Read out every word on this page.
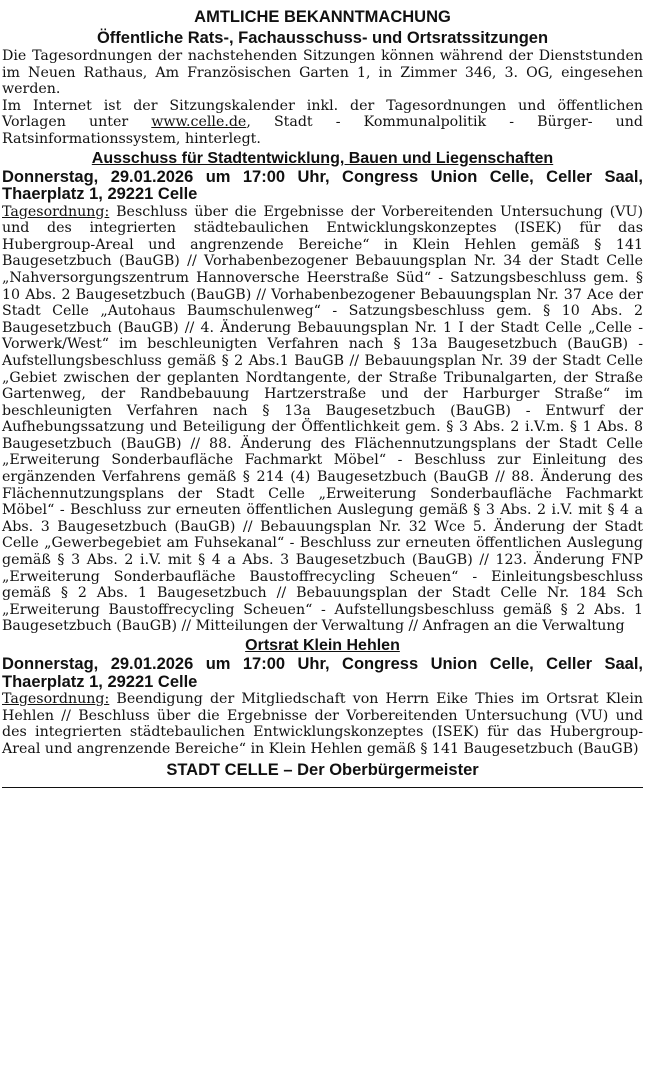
AMTLICHE BEKANNTMACHUNG
Öffentliche Rats-, Fachausschuss- und Ortsratssitzungen
Die Tagesordnungen der nachstehenden Sitzungen können während der Dienststunden im Neuen Rathaus, Am Französischen Garten 1, in Zimmer 346, 3. OG, eingesehen werden.
Im Internet ist der Sitzungskalender inkl. der Tagesordnungen und öffentlichen Vorlagen unter www.celle.de, Stadt - Kommunalpolitik - Bürger- und Ratsinformationssystem, hinterlegt.
Ausschuss für Stadtentwicklung, Bauen und Liegenschaften
Donnerstag, 29.01.2026 um 17:00 Uhr, Congress Union Celle, Celler Saal, Thaerplatz 1, 29221 Celle
Tagesordnung: Beschluss über die Ergebnisse der Vorbereitenden Untersuchung (VU) und des integrierten städtebaulichen Entwicklungskonzeptes (ISEK) für das Hubergroup-Areal und angrenzende Bereiche“ in Klein Hehlen gemäß § 141 Baugesetzbuch (BauGB) // Vorhabenbezogener Bebauungsplan Nr. 34 der Stadt Celle „Nahversorgungszentrum Hannoversche Heerstraße Süd“ - Satzungsbeschluss gem. § 10 Abs. 2 Baugesetzbuch (BauGB) // Vorhabenbezogener Bebauungsplan Nr. 37 Ace der Stadt Celle „Autohaus Baumschulenweg“ - Satzungsbeschluss gem. § 10 Abs. 2 Baugesetzbuch (BauGB) // 4. Änderung Bebauungsplan Nr. 1 I der Stadt Celle „Celle - Vorwerk/West“ im beschleunigten Verfahren nach § 13a Baugesetzbuch (BauGB) - Aufstellungsbeschluss gemäß § 2 Abs.1 BauGB // Bebauungsplan Nr. 39 der Stadt Celle „Gebiet zwischen der geplanten Nordtangente, der Straße Tribunalgarten, der Straße Gartenweg, der Randbebauung Hartzerstraße und der Harburger Straße“ im beschleunigten Verfahren nach § 13a Baugesetzbuch (BauGB) - Entwurf der Aufhebungssatzung und Beteiligung der Öffentlichkeit gem. § 3 Abs. 2 i.V.m. § 1 Abs. 8 Baugesetzbuch (BauGB) // 88. Änderung des Flächennutzungsplans der Stadt Celle „Erweiterung Sonderbaufläche Fachmarkt Möbel“ - Beschluss zur Einleitung des ergänzenden Verfahrens gemäß § 214 (4) Baugesetzbuch (BauGB // 88. Änderung des Flächennutzungsplans der Stadt Celle „Erweiterung Sonderbaufläche Fachmarkt Möbel“ - Beschluss zur erneuten öffentlichen Auslegung gemäß § 3 Abs. 2 i.V. mit § 4 a Abs. 3 Baugesetzbuch (BauGB) // Bebauungsplan Nr. 32 Wce 5. Änderung der Stadt Celle „Gewerbegebiet am Fuhsekanal“ - Beschluss zur erneuten öffentlichen Auslegung gemäß § 3 Abs. 2 i.V. mit § 4 a Abs. 3 Baugesetzbuch (BauGB) // 123. Änderung FNP „Erweiterung Sonderbaufläche Baustoffrecycling Scheuen“ - Einleitungsbeschluss gemäß § 2 Abs. 1 Baugesetzbuch // Bebauungsplan der Stadt Celle Nr. 184 Sch „Erweiterung Baustoffrecycling Scheuen“ - Aufstellungsbeschluss gemäß § 2 Abs. 1 Baugesetzbuch (BauGB) // Mitteilungen der Verwaltung // Anfragen an die Verwaltung
Ortsrat Klein Hehlen
Donnerstag, 29.01.2026 um 17:00 Uhr, Congress Union Celle, Celler Saal, Thaerplatz 1, 29221 Celle
Tagesordnung: Beendigung der Mitgliedschaft von Herrn Eike Thies im Ortsrat Klein Hehlen // Beschluss über die Ergebnisse der Vorbereitenden Untersuchung (VU) und des integrierten städtebaulichen Entwicklungskonzeptes (ISEK) für das Hubergroup-Areal und angrenzende Bereiche“ in Klein Hehlen gemäß § 141 Baugesetzbuch (BauGB)
STADT CELLE – Der Oberbürgermeister
